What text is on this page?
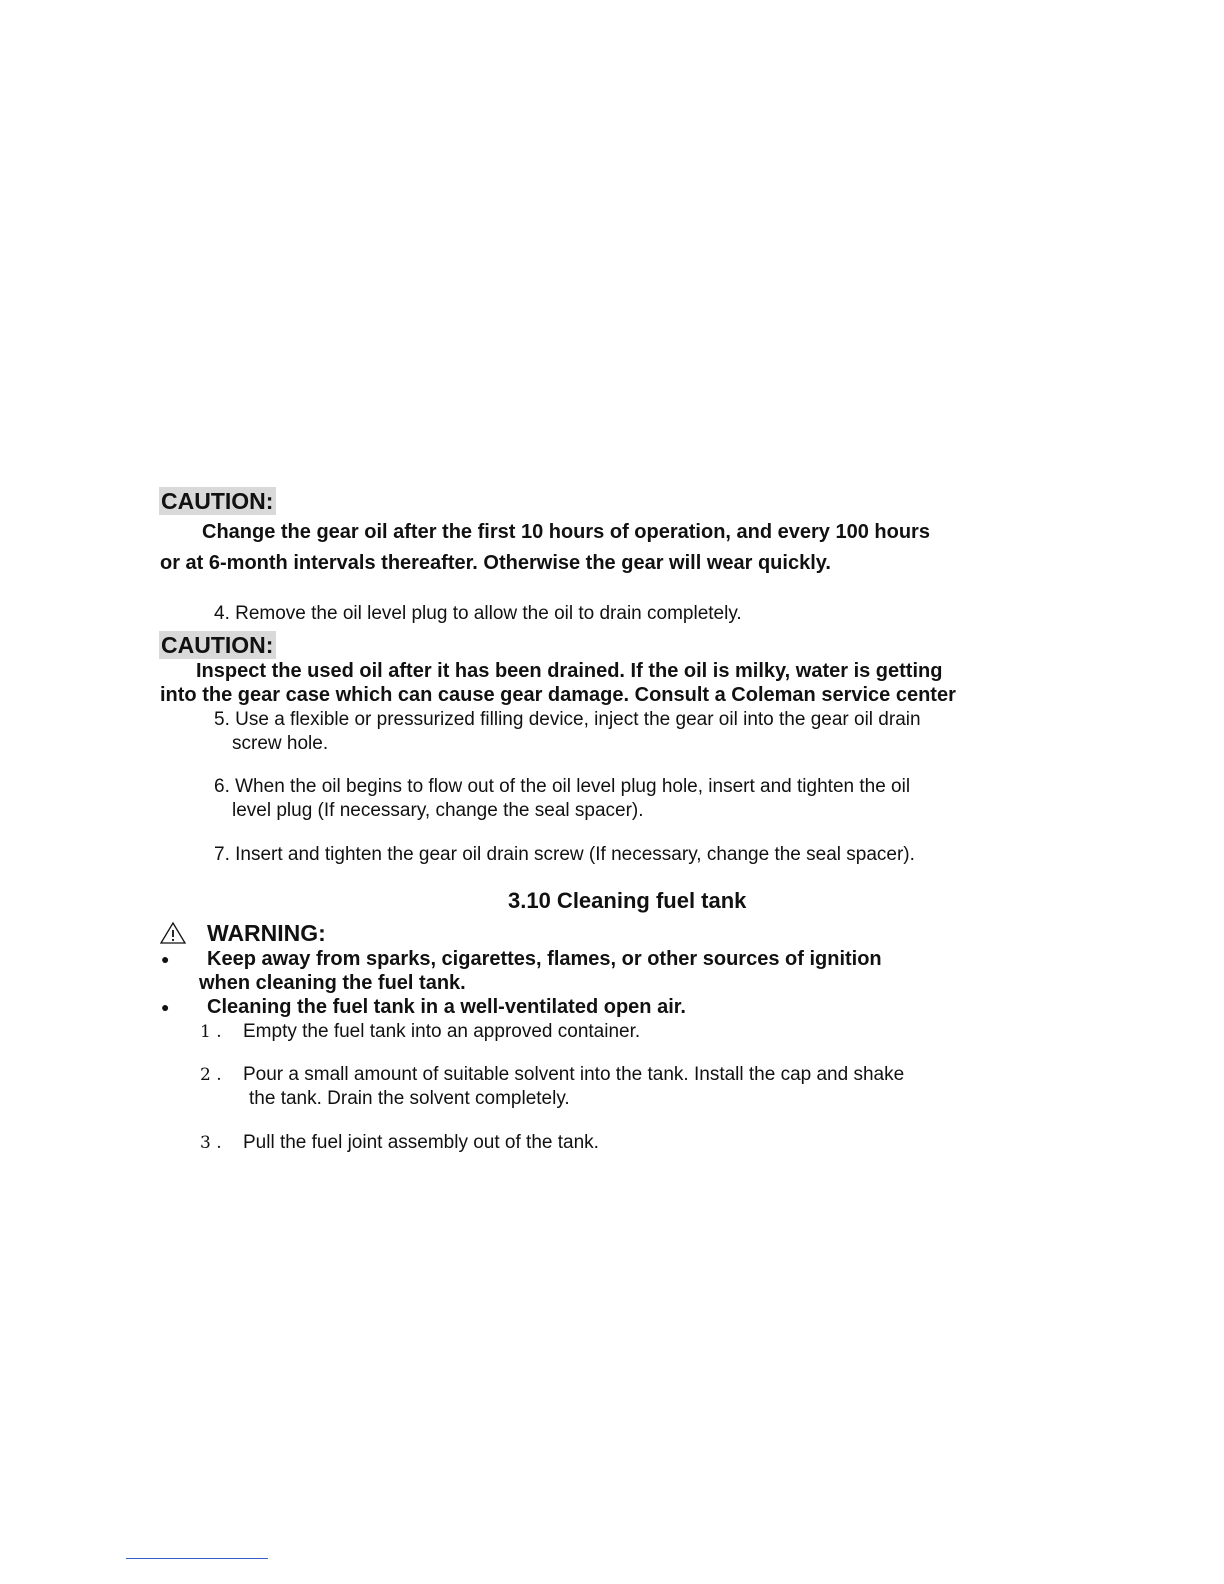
CAUTION:
Change the gear oil after the first 10 hours of operation, and every 100 hours
or at 6-month intervals thereafter. Otherwise the gear will wear quickly.
4. Remove the oil level plug to allow the oil to drain completely.
CAUTION:
Inspect the used oil after it has been drained. If the oil is milky, water is getting
into the gear case which can cause gear damage. Consult a Coleman service center
5. Use a flexible or pressurized filling device, inject the gear oil into the gear oil drain
screw hole.
6. When the oil begins to flow out of the oil level plug hole, insert and tighten the oil
level plug (If necessary, change the seal spacer).
7. Insert and tighten the gear oil drain screw (If necessary, change the seal spacer).
3.10 Cleaning fuel tank
WARNING:
● Keep away from sparks, cigarettes, flames, or other sources of ignition
when cleaning the fuel tank.
● Cleaning the fuel tank in a well-ventilated open air.
1 . Empty the fuel tank into an approved container.
2 . Pour a small amount of suitable solvent into the tank. Install the cap and shake
the tank. Drain the solvent completely.
3 . Pull the fuel joint assembly out of the tank.
